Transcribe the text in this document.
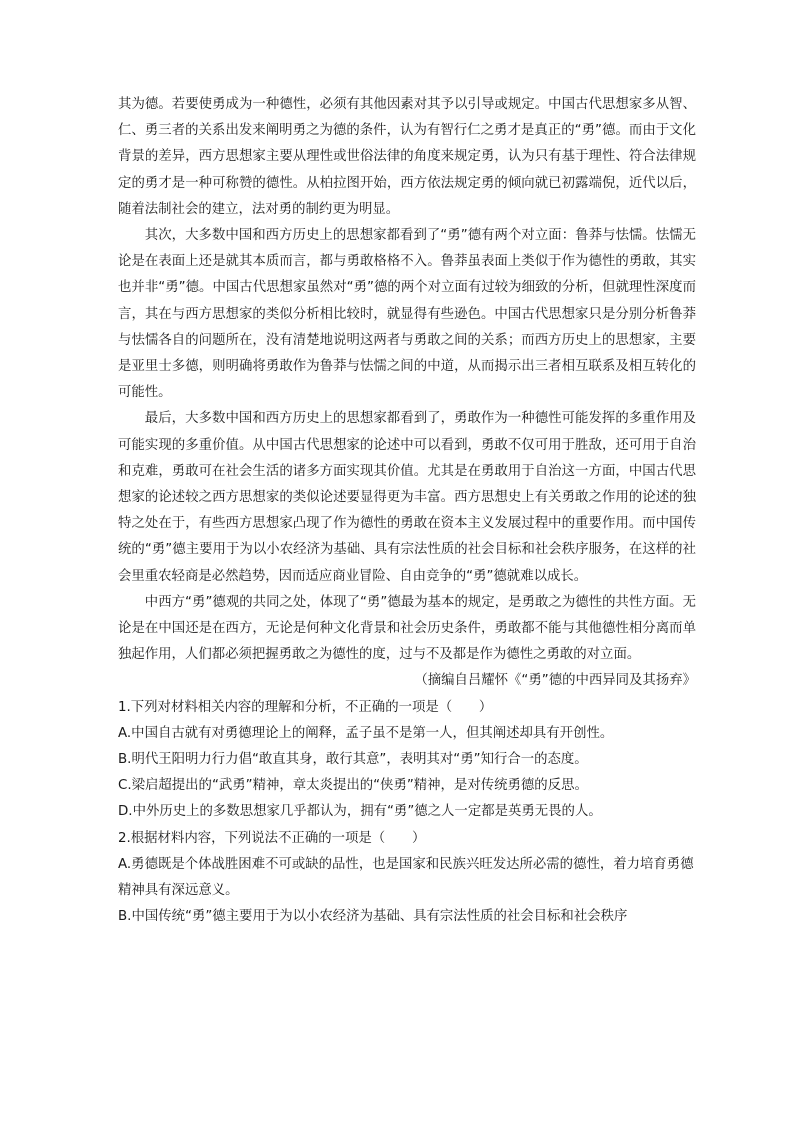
其为德。若要使勇成为一种德性，必须有其他因素对其予以引导或规定。中国古代思想家多从智、仁、勇三者的关系出发来阐明勇之为德的条件，认为有智行仁之勇才是真正的“勇”德。而由于文化背景的差异，西方思想家主要从理性或世俗法律的角度来规定勇，认为只有基于理性、符合法律规定的勇才是一种可称赞的德性。从柏拉图开始，西方依法规定勇的倾向就已初露端倪，近代以后，随着法制社会的建立，法对勇的制约更为明显。

其次，大多数中国和西方历史上的思想家都看到了“勇”德有两个对立面：鲁莽与怯懦。怯懦无论是在表面上还是就其本质而言，都与勇敢格格不入。鲁莽虽表面上类似于作为德性的勇敢，其实也并非“勇”德。中国古代思想家虽然对“勇”德的两个对立面有过较为细致的分析，但就理性深度而言，其在与西方思想家的类似分析相比较时，就显得有些逊色。中国古代思想家只是分别分析鲁莽与怯懦各自的问题所在，没有清楚地说明这两者与勇敢之间的关系；而西方历史上的思想家，主要是亚里士多德，则明确将勇敢作为鲁莽与怯懦之间的中道，从而揭示出三者相互联系及相互转化的可能性。

最后，大多数中国和西方历史上的思想家都看到了，勇敢作为一种德性可能发挥的多重作用及可能实现的多重价值。从中国古代思想家的论述中可以看到，勇敢不仅可用于胜敌，还可用于自治和克难，勇敢可在社会生活的诸多方面实现其价值。尤其是在勇敢用于自治这一方面，中国古代思想家的论述较之西方思想家的类似论述要显得更为丰富。西方思想史上有关勇敢之作用的论述的独特之处在于，有些西方思想家凸现了作为德性的勇敢在资本主义发展过程中的重要作用。而中国传统的“勇”德主要用于为以小农经济为基础、具有宗法性质的社会目标和社会秩序服务，在这样的社会里重农轻商是必然趋势，因而适应商业冒险、自由竞争的“勇”德就难以成长。

中西方“勇”德观的共同之处，体现了“勇”德最为基本的规定，是勇敢之为德性的共性方面。无论是在中国还是在西方，无论是何种文化背景和社会历史条件，勇敢都不能与其他德性相分离而单独起作用，人们都必须把握勇敢之为德性的度，过与不及都是作为德性之勇敢的对立面。

（摘编自吕耀怀《“勇”德的中西异同及其扬弃》

1.下列对材料相关内容的理解和分析，不正确的一项是（　　）

A.中国自古就有对勇德理论上的阐释，孟子虽不是第一人，但其阐述却具有开创性。

B.明代王阳明力行力倡“敢直其身，敢行其意”，表明其对“勇”知行合一的态度。

C.梁启超提出的“武勇”精神，章太炎提出的“侠勇”精神，是对传统勇德的反思。

D.中外历史上的多数思想家几乎都认为，拥有“勇”德之人一定都是英勇无畏的人。

2.根据材料内容，下列说法不正确的一项是（　　）

A.勇德既是个体战胜困难不可或缺的品性，也是国家和民族兴旺发达所必需的德性，着力培育勇德精神具有深远意义。

B.中国传统“勇”德主要用于为以小农经济为基础、具有宗法性质的社会目标和社会秩序
